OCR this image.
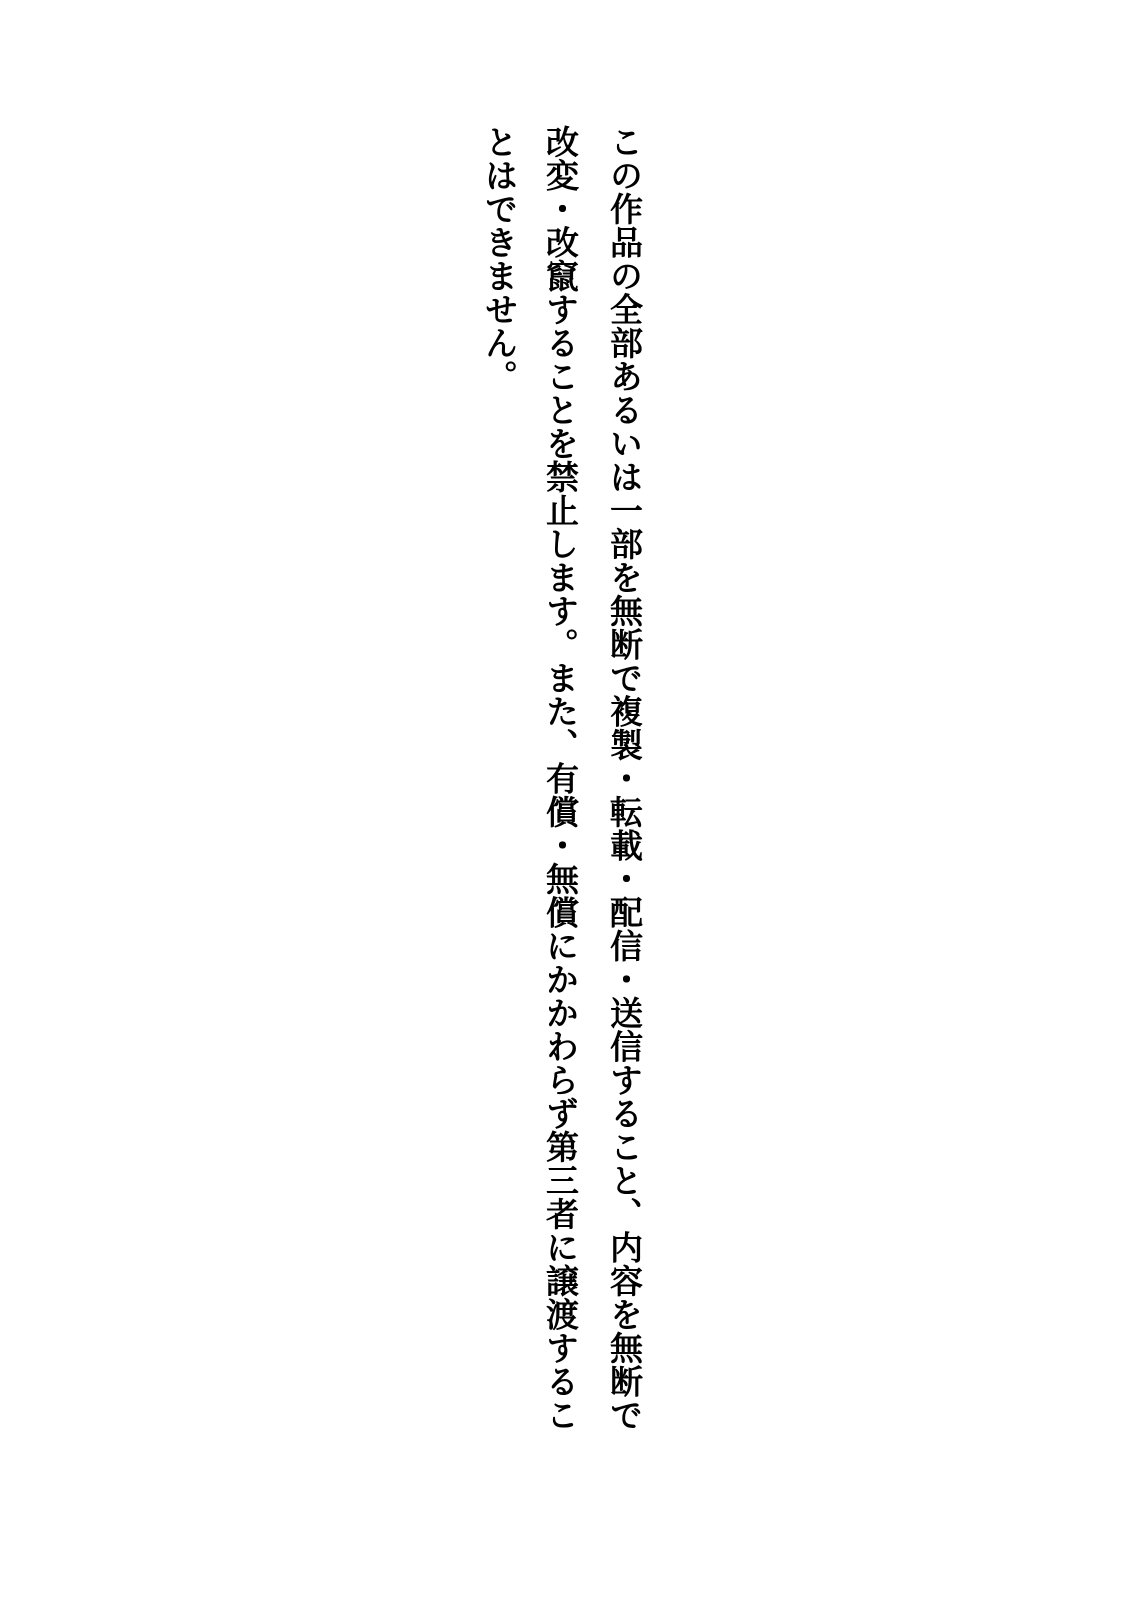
この作品の全部あるいは一部を無断で複製・転載・配信・送信すること、内容を無断で
改変・改竄することを禁止します。また、有償・無償にかかわらず第三者に譲渡するこ
とはできません。
